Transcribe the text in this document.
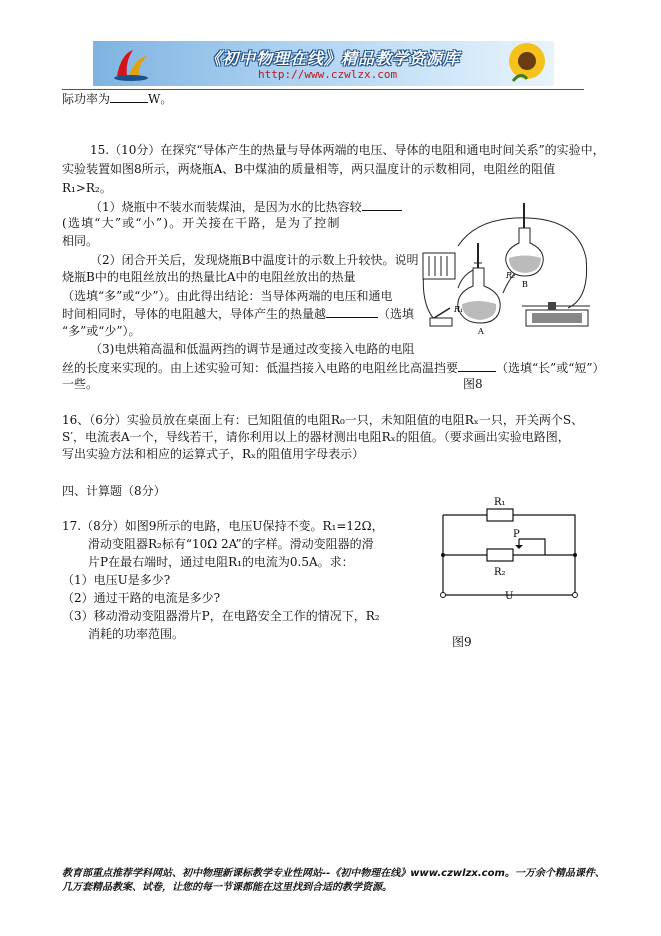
《初中物理在线》精品教学资源库
http://www.czwlzx.com
际功率为	W。
15.（10分）在探究“导体产生的热量与导体两端的电压、导体的电阻和通电时间关系”的实验中，
实验装置如图8所示，两烧瓶A、B中煤油的质量相等，两只温度计的示数相同，电阻丝的阻值
R₁>R₂。
（1）烧瓶中不装水而装煤油，是因为水的比热容较
(选填“大”或“小”)。开关接在干路，是为了控制
相同。
（2）闭合开关后，发现烧瓶B中温度计的示数上升较快。说明
烧瓶B中的电阻丝放出的热量比A中的电阻丝放出的热量
（选填“多”或“少”）。由此得出结论：当导体两端的电压和通电
时间相同时，导体的电阻越大，导体产生的热量越	（选填
“多”或“少”）。
（3)电烘箱高温和低温两挡的调节是通过改变接入电路的电阻
丝的长度来实现的。由上述实验可知：低温挡接入电路的电阻丝比高温挡要	（选填“长”或“短”）
一些。
R₁
R₂
A
B
图8
16、（6分）实验员放在桌面上有：已知阻值的电阻R₀一只，未知阻值的电阻Rₓ一只，开关两个S、
S′，电流表A一个，导线若干，请你利用以上的器材测出电阻Rₓ的阻值。（要求画出实验电路图，
写出实验方法和相应的运算式子，Rₓ的阻值用字母表示）
四、计算题（8分）
17.（8分）如图9所示的电路，电压U保持不变。R₁=12Ω，
滑动变阻器R₂标有“10Ω 2A”的字样。滑动变阻器的滑
片P在最右端时，通过电阻R₁的电流为0.5A。求：
（1）电压U是多少?
（2）通过干路的电流是多少?
（3）移动滑动变阻器滑片P，在电路安全工作的情况下，R₂
消耗的功率范围。
R₁
P
R₂
U
图9
教育部重点推荐学科网站、初中物理新课标教学专业性网站--《初中物理在线》www.czwlzx.com。一万余个精品课件、
几万套精品教案、试卷，让您的每一节课都能在这里找到合适的教学资源。
